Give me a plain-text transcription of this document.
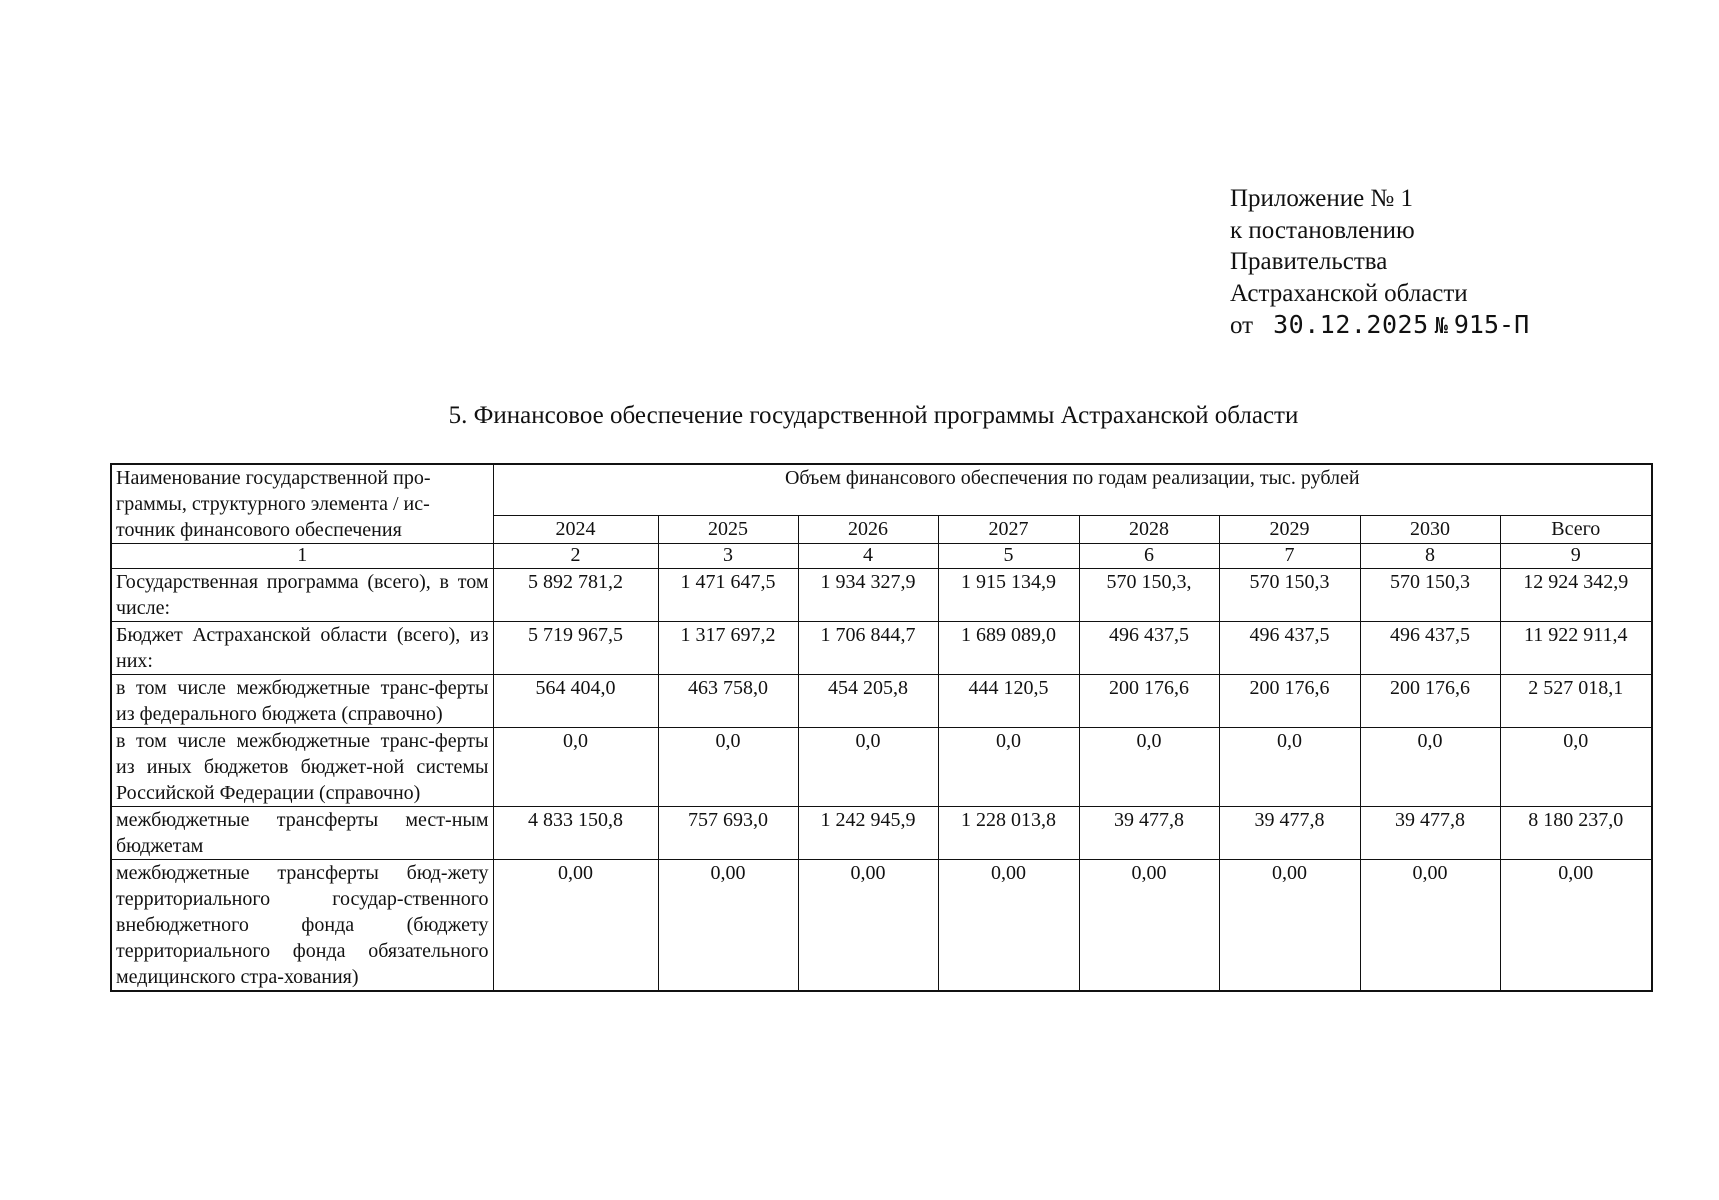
Приложение № 1
к постановлению
Правительства
Астраханской области
от 30.12.2025 № 915-П
5. Финансовое обеспечение государственной программы Астраханской области
Наименование государственной про-граммы, структурного элемента / ис-точник финансового обеспечения	Объем финансового обеспечения по годам реализации, тыс. рублей							
	2024	2025	2026	2027	2028	2029	2030	Всего
1	2	3	4	5	6	7	8	9
Государственная программа (всего), в том числе:	5 892 781,2	1 471 647,5	1 934 327,9	1 915 134,9	570 150,3,	570 150,3	570 150,3	12 924 342,9
Бюджет Астраханской области (всего), из них:	5 719 967,5	1 317 697,2	1 706 844,7	1 689 089,0	496 437,5	496 437,5	496 437,5	11 922 911,4
в том числе межбюджетные транс-ферты из федерального бюджета (справочно)	564 404,0	463 758,0	454 205,8	444 120,5	200 176,6	200 176,6	200 176,6	2 527 018,1
в том числе межбюджетные транс-ферты из иных бюджетов бюджет-ной системы Российской Федерации (справочно)	0,0	0,0	0,0	0,0	0,0	0,0	0,0	0,0
межбюджетные трансферты мест-ным бюджетам	4 833 150,8	757 693,0	1 242 945,9	1 228 013,8	39 477,8	39 477,8	39 477,8	8 180 237,0
межбюджетные трансферты бюд-жету территориального государ-ственного внебюджетного фонда (бюджету территориального фонда обязательного медицинского стра-хования)	0,00	0,00	0,00	0,00	0,00	0,00	0,00	0,00
